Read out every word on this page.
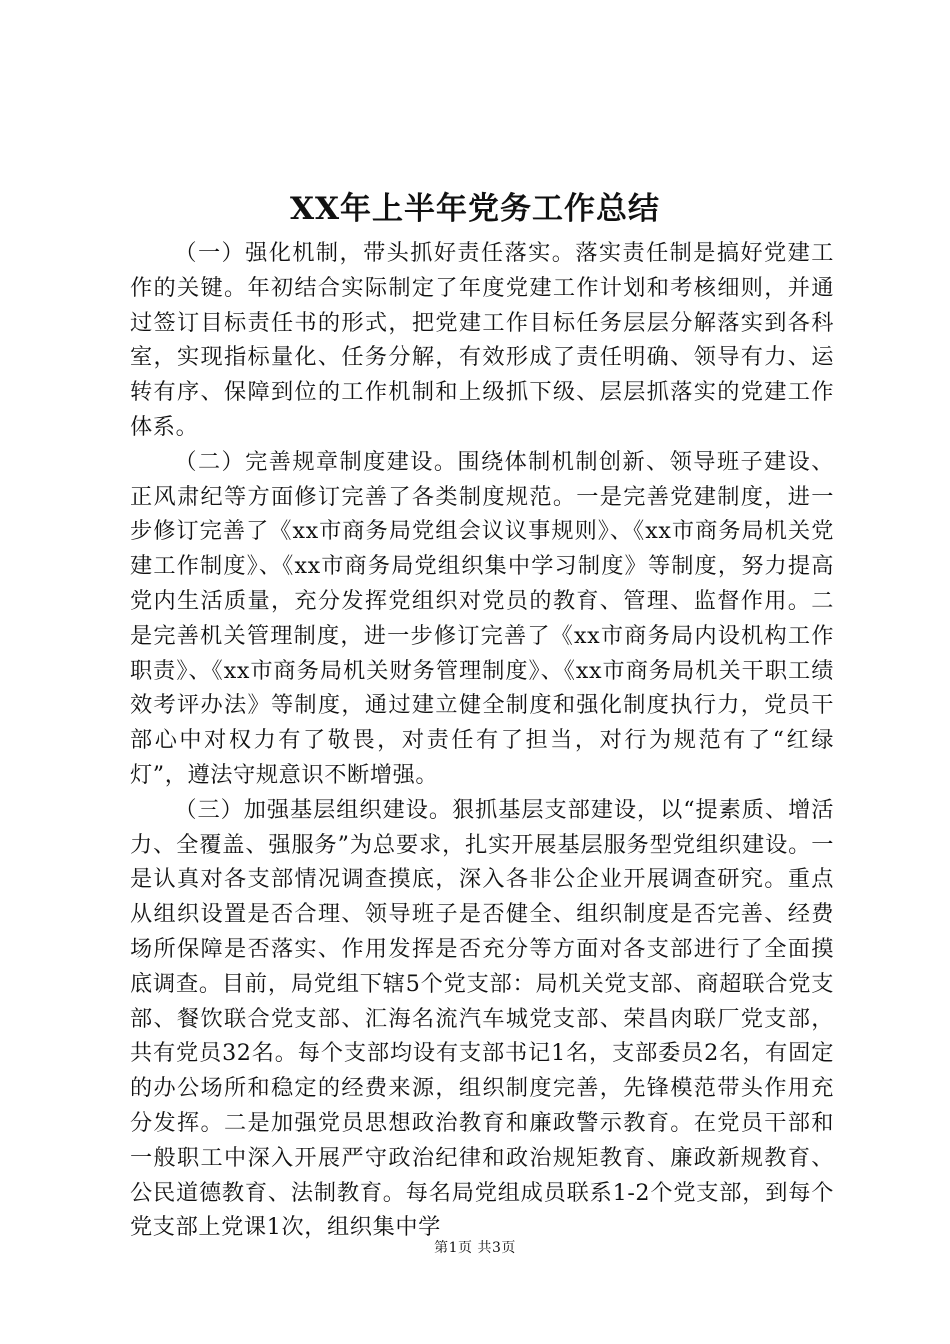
XX年上半年党务工作总结

（一）强化机制，带头抓好责任落实。落实责任制是搞好党建工作的关键。年初结合实际制定了年度党建工作计划和考核细则，并通过签订目标责任书的形式，把党建工作目标任务层层分解落实到各科室，实现指标量化、任务分解，有效形成了责任明确、领导有力、运转有序、保障到位的工作机制和上级抓下级、层层抓落实的党建工作体系。

（二）完善规章制度建设。围绕体制机制创新、领导班子建设、正风肃纪等方面修订完善了各类制度规范。一是完善党建制度，进一步修订完善了《xx市商务局党组会议议事规则》、《xx市商务局机关党建工作制度》、《xx市商务局党组织集中学习制度》等制度，努力提高党内生活质量，充分发挥党组织对党员的教育、管理、监督作用。二是完善机关管理制度，进一步修订完善了《xx市商务局内设机构工作职责》、《xx市商务局机关财务管理制度》、《xx市商务局机关干职工绩效考评办法》等制度，通过建立健全制度和强化制度执行力，党员干部心中对权力有了敬畏，对责任有了担当，对行为规范有了“红绿灯”，遵法守规意识不断增强。

（三）加强基层组织建设。狠抓基层支部建设，以“提素质、增活力、全覆盖、强服务”为总要求，扎实开展基层服务型党组织建设。一是认真对各支部情况调查摸底，深入各非公企业开展调查研究。重点从组织设置是否合理、领导班子是否健全、组织制度是否完善、经费场所保障是否落实、作用发挥是否充分等方面对各支部进行了全面摸底调查。目前，局党组下辖5个党支部：局机关党支部、商超联合党支部、餐饮联合党支部、汇海名流汽车城党支部、荣昌肉联厂党支部，共有党员32名。每个支部均设有支部书记1名，支部委员2名，有固定的办公场所和稳定的经费来源，组织制度完善，先锋模范带头作用充分发挥。二是加强党员思想政治教育和廉政警示教育。在党员干部和一般职工中深入开展严守政治纪律和政治规矩教育、廉政新规教育、公民道德教育、法制教育。每名局党组成员联系1-2个党支部，到每个党支部上党课1次，组织集中学

第1页 共3页
